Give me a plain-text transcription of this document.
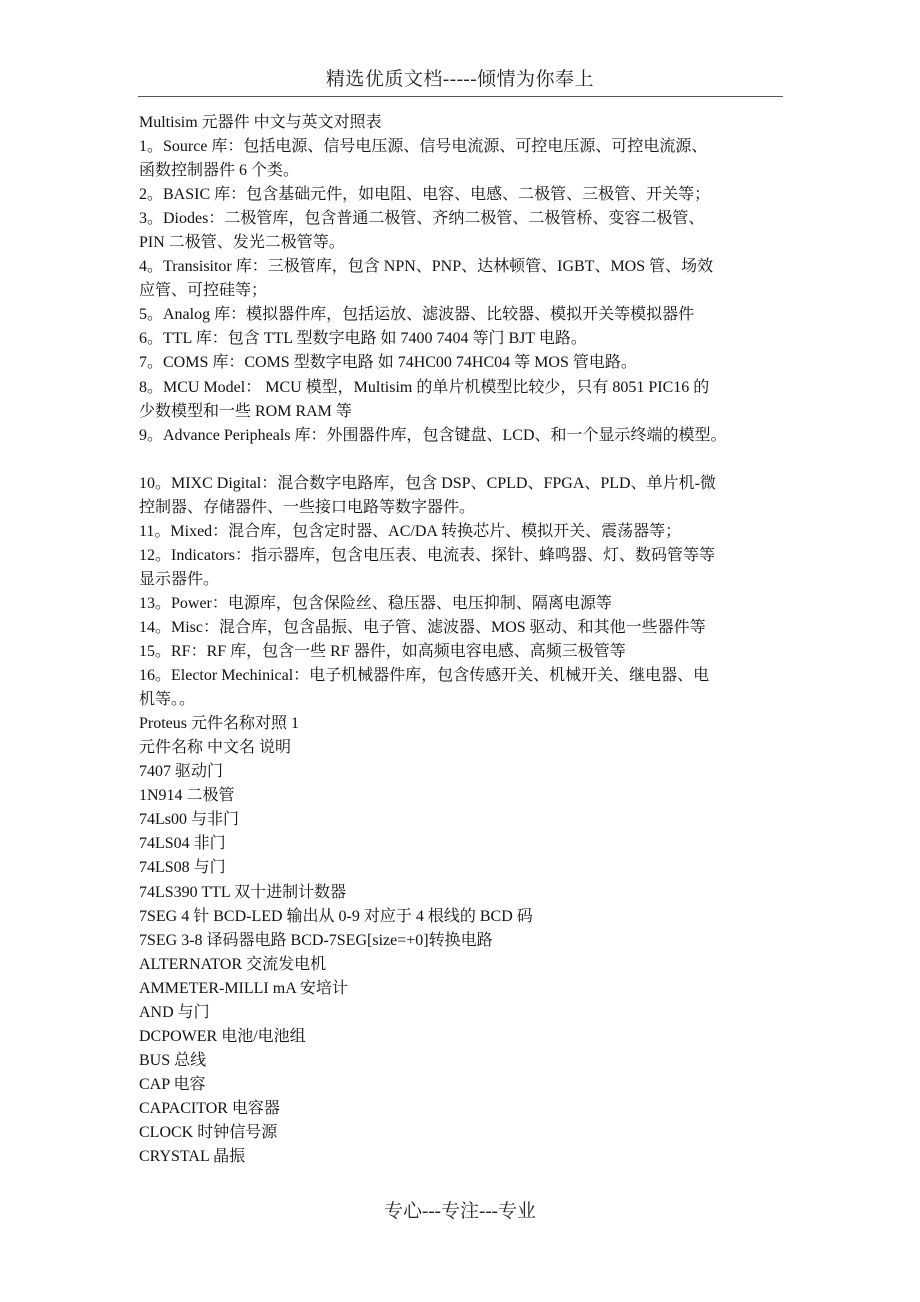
精选优质文档-----倾情为你奉上
Multisim 元器件 中文与英文对照表
1。Source 库：包括电源、信号电压源、信号电流源、可控电压源、可控电流源、
函数控制器件 6 个类。
2。BASIC 库：包含基础元件，如电阻、电容、电感、二极管、三极管、开关等；
3。Diodes：二极管库，包含普通二极管、齐纳二极管、二极管桥、变容二极管、
PIN 二极管、发光二极管等。
4。Transisitor 库：三极管库，包含 NPN、PNP、达林顿管、IGBT、MOS 管、场效
应管、可控硅等；
5。Analog 库：模拟器件库，包括运放、滤波器、比较器、模拟开关等模拟器件
6。TTL 库：包含 TTL 型数字电路 如 7400 7404 等门 BJT 电路。
7。COMS 库：COMS 型数字电路 如 74HC00 74HC04 等 MOS 管电路。
8。MCU Model： MCU 模型，Multisim 的单片机模型比较少，只有 8051 PIC16 的
少数模型和一些 ROM RAM 等
9。Advance Peripheals 库：外围器件库，包含键盘、LCD、和一个显示终端的模型。
10。MIXC Digital：混合数字电路库，包含 DSP、CPLD、FPGA、PLD、单片机-微
控制器、存储器件、一些接口电路等数字器件。
11。Mixed：混合库，包含定时器、AC/DA 转换芯片、模拟开关、震荡器等；
12。Indicators：指示器库，包含电压表、电流表、探针、蜂鸣器、灯、数码管等等
显示器件。
13。Power：电源库，包含保险丝、稳压器、电压抑制、隔离电源等
14。Misc：混合库，包含晶振、电子管、滤波器、MOS 驱动、和其他一些器件等
15。RF：RF 库，包含一些 RF 器件，如高频电容电感、高频三极管等
16。Elector Mechinical：电子机械器件库，包含传感开关、机械开关、继电器、电
机等。。
Proteus 元件名称对照 1
元件名称 中文名 说明
7407 驱动门
1N914 二极管
74Ls00 与非门
74LS04 非门
74LS08 与门
74LS390 TTL 双十进制计数器
7SEG 4 针 BCD-LED 输出从 0-9 对应于 4 根线的 BCD 码
7SEG 3-8 译码器电路 BCD-7SEG[size=+0]转换电路
ALTERNATOR 交流发电机
AMMETER-MILLI mA 安培计
AND 与门
DCPOWER 电池/电池组
BUS 总线
CAP 电容
CAPACITOR 电容器
CLOCK 时钟信号源
CRYSTAL 晶振
专心---专注---专业
